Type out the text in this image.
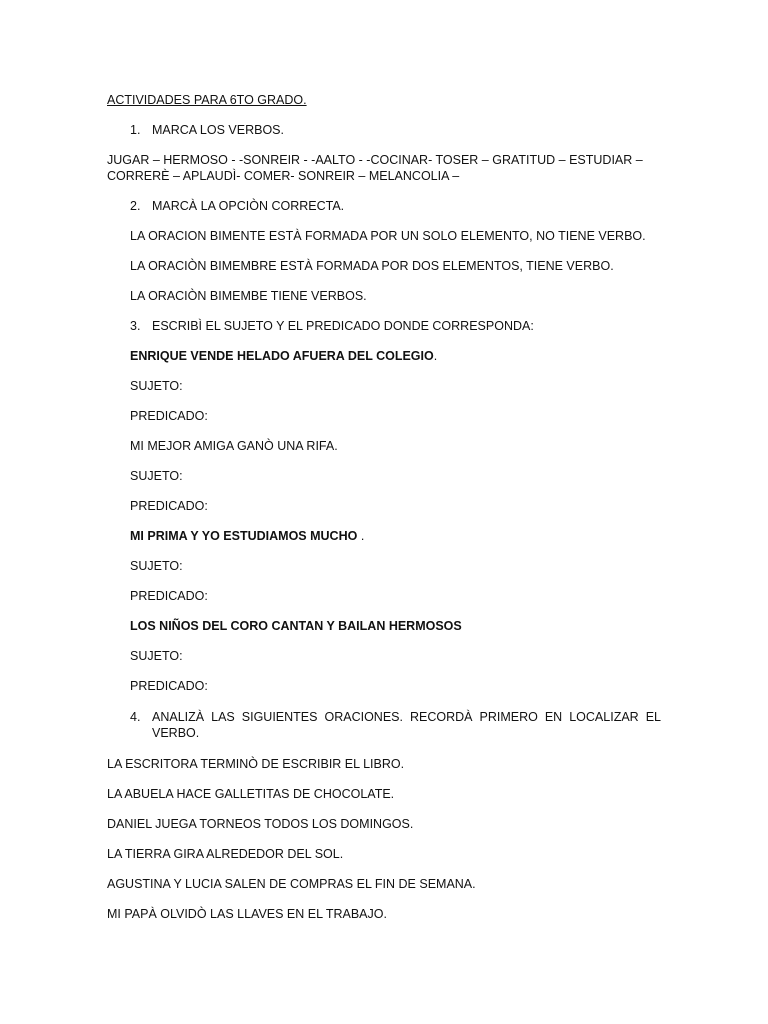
ACTIVIDADES PARA 6TO GRADO.
1. MARCA LOS VERBOS.
JUGAR – HERMOSO - -SONREIR - -AALTO - -COCINAR- TOSER – GRATITUD – ESTUDIAR –
CORRERÈ – APLAUDÌ- COMER- SONREIR – MELANCOLIA –
2. MARCÀ LA OPCIÒN CORRECTA.
LA ORACION BIMENTE ESTÀ FORMADA POR UN SOLO ELEMENTO, NO TIENE VERBO.
LA ORACIÒN BIMEMBRE ESTÀ FORMADA POR DOS ELEMENTOS, TIENE VERBO.
LA ORACIÒN BIMEMBE TIENE VERBOS.
3. ESCRIBÌ EL SUJETO Y EL PREDICADO DONDE CORRESPONDA:
ENRIQUE VENDE HELADO AFUERA DEL COLEGIO.
SUJETO:
PREDICADO:
MI MEJOR AMIGA GANÒ UNA RIFA.
SUJETO:
PREDICADO:
MI PRIMA Y YO ESTUDIAMOS MUCHO .
SUJETO:
PREDICADO:
LOS NIÑOS DEL CORO CANTAN Y BAILAN HERMOSOS
SUJETO:
PREDICADO:
4. ANALIZÀ LAS SIGUIENTES ORACIONES. RECORDÀ PRIMERO EN LOCALIZAR EL
VERBO.
LA ESCRITORA TERMINÒ DE ESCRIBIR EL LIBRO.
LA ABUELA HACE GALLETITAS DE CHOCOLATE.
DANIEL JUEGA TORNEOS TODOS LOS DOMINGOS.
LA TIERRA GIRA ALREDEDOR DEL SOL.
AGUSTINA Y LUCIA SALEN DE COMPRAS EL FIN DE SEMANA.
MI PAPÀ OLVIDÒ LAS LLAVES EN EL TRABAJO.
